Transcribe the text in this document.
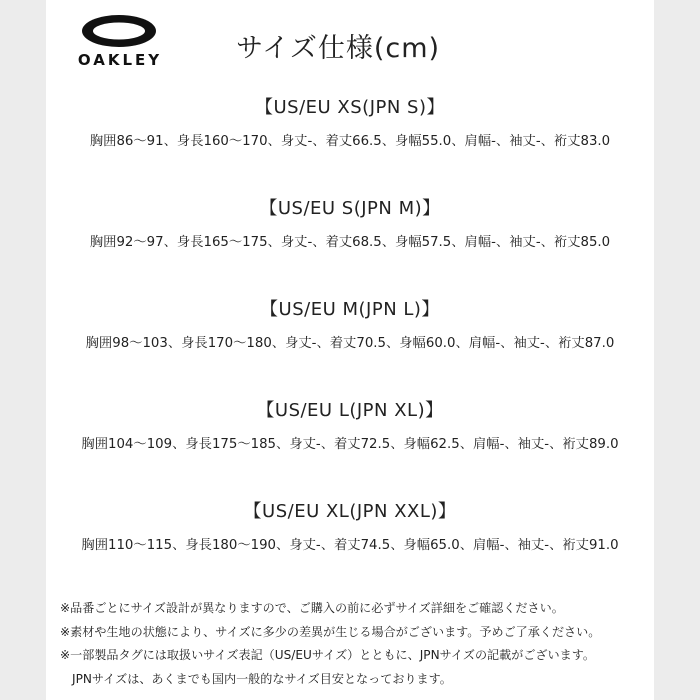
OAKLEY	サイズ仕様(cm)
【US/EU XS(JPN S)】
胸囲86～91、身長160～170、身丈-、着丈66.5、身幅55.0、肩幅-、袖丈-、裄丈83.0
【US/EU S(JPN M)】
胸囲92～97、身長165～175、身丈-、着丈68.5、身幅57.5、肩幅-、袖丈-、裄丈85.0
【US/EU M(JPN L)】
胸囲98～103、身長170～180、身丈-、着丈70.5、身幅60.0、肩幅-、袖丈-、裄丈87.0
【US/EU L(JPN XL)】
胸囲104～109、身長175～185、身丈-、着丈72.5、身幅62.5、肩幅-、袖丈-、裄丈89.0
【US/EU XL(JPN XXL)】
胸囲110～115、身長180～190、身丈-、着丈74.5、身幅65.0、肩幅-、袖丈-、裄丈91.0
※品番ごとにサイズ設計が異なりますので、ご購入の前に必ずサイズ詳細をご確認ください。
※素材や生地の状態により、サイズに多少の差異が生じる場合がございます。予めご了承ください。
※一部製品タグには取扱いサイズ表記（US/EUサイズ）とともに、JPNサイズの記載がございます。
JPNサイズは、あくまでも国内一般的なサイズ目安となっております。
